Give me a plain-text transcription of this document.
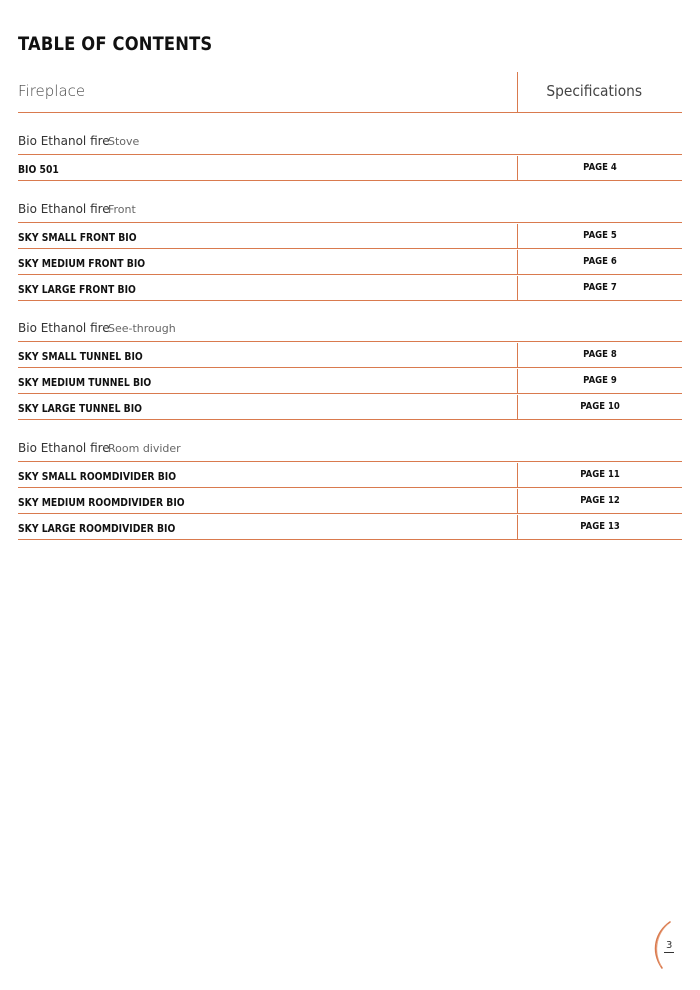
TABLE OF CONTENTS
Fireplace	Specifications
Bio Ethanol fire
Stove
BIO 501	PAGE 4
Bio Ethanol fire
Front
SKY SMALL FRONT BIO	PAGE 5
SKY MEDIUM FRONT BIO	PAGE 6
SKY LARGE FRONT BIO	PAGE 7
Bio Ethanol fire
See-through
SKY SMALL TUNNEL BIO	PAGE 8
SKY MEDIUM TUNNEL BIO	PAGE 9
SKY LARGE TUNNEL BIO	PAGE 10
Bio Ethanol fire
Room divider
SKY SMALL ROOMDIVIDER BIO	PAGE 11
SKY MEDIUM ROOMDIVIDER BIO	PAGE 12
SKY LARGE ROOMDIVIDER BIO	PAGE 13
3
